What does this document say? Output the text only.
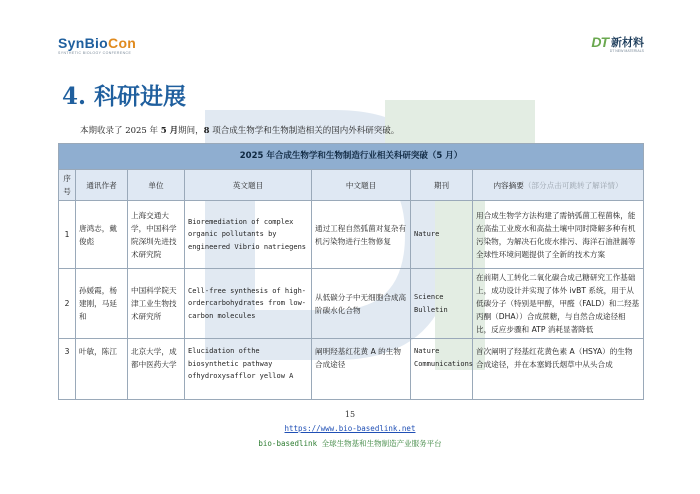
SynBioCon
SYNTHETIC BIOLOGY CONFERENCE
DT 新材料
DT NEW MATERIALS
4. 科研进展
本期收录了 2025 年 5 月期间，8 项合成生物学和生物制造相关的国内外科研突破。
2025 年合成生物学和生物制造行业相关科研突破（5 月）						
序号	通讯作者	单位	英文题目	中文题目	期刊	内容摘要（部分点击可跳转了解详情）
1	唐鸿志，戴俊彪	上海交通大学，中国科学院深圳先进技术研究院	Bioremediation of complex organic pollutants by engineered Vibrio natriegens	通过工程自然弧菌对复杂有机污染物进行生物修复	Nature	用合成生物学方法构建了需钠弧菌工程菌株，能在高盐工业废水和高盐土壤中同时降解多种有机污染物，为解决石化废水排污、海洋石油泄漏等全球性环境问题提供了全新的技术方案
2	孙媛霞，杨建刚，马延和	中国科学院天津工业生物技术研究所	Cell-free synthesis of high-ordercarbohydrates from low-carbon molecules	从低碳分子中无细胞合成高阶碳水化合物	Science Bulletin	在前期人工转化二氧化碳合成己糖研究工作基础上，成功设计并实现了体外 ivBT 系统，用于从低碳分子（特别是甲醇，甲醛（FALD）和二羟基丙酮（DHA））合成蔗糖，与自然合成途径相比，反应步骤和 ATP 消耗显著降低
3	叶敏，陈江	北京大学，成都中医药大学	Elucidation ofthe biosynthetic pathway ofhydroxysafflor yellow A	阐明羟基红花黄 A 的生物合成途径	Nature Communications	首次阐明了羟基红花黄色素 A（HSYA）的生物合成途径，并在本塞姆氏烟草中从头合成
15
https://www.bio-basedlink.net
bio-basedlink 全球生物基和生物制造产业服务平台
